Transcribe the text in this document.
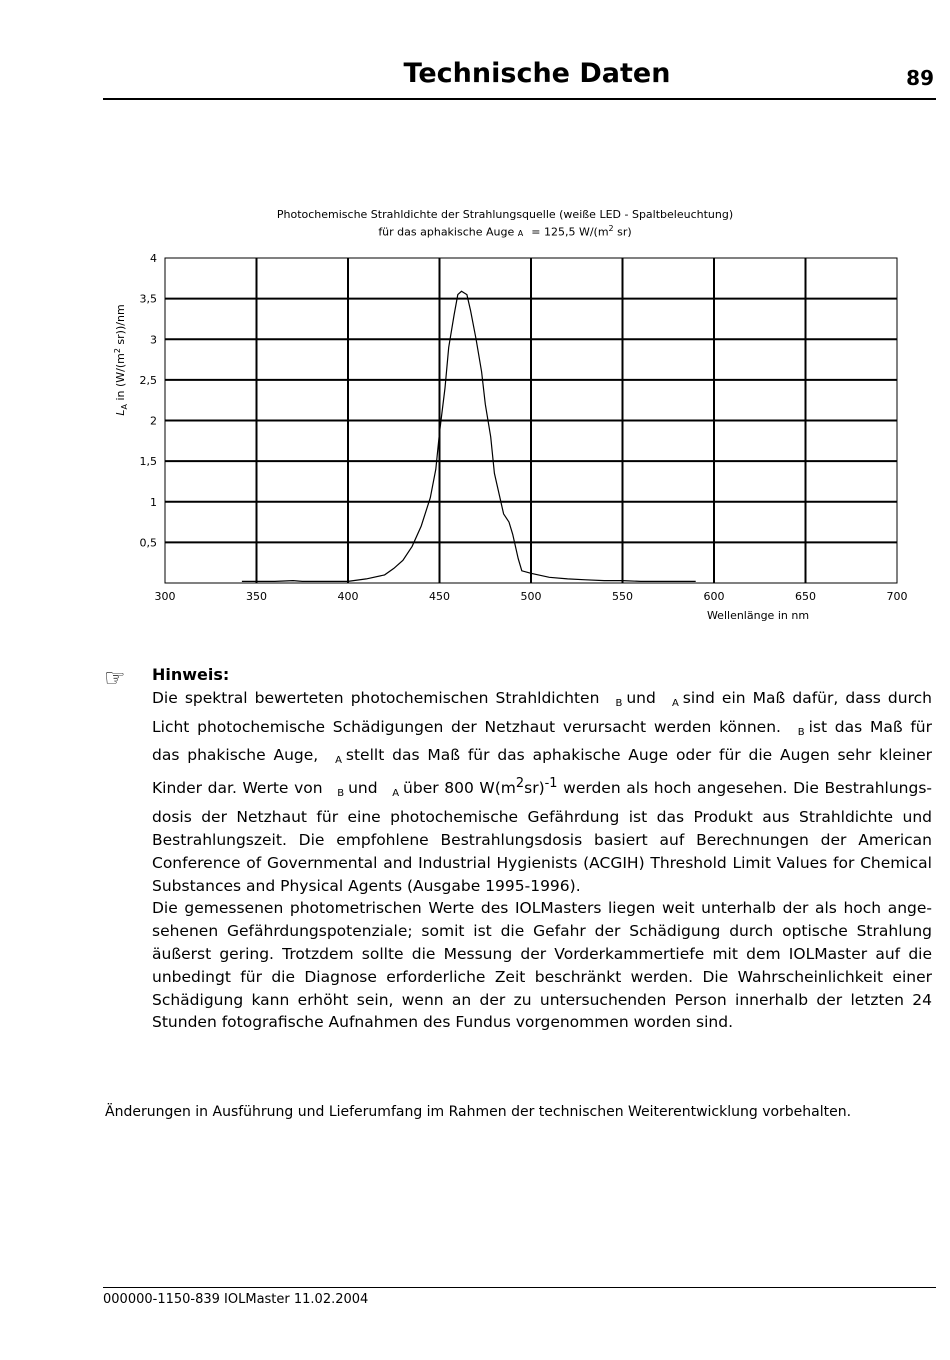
Technische Daten	89
Photochemische Strahldichte der Strahlungsquelle (weiße LED - Spaltbeleuchtung)
für das aphakische Auge A = 125,5 $W/(m^2$ sr)
300	350	400	450	500	550	600	650	700
4
3,5
3
2,5
2
1,5
1
0,5
Wellenlänge in nm
$L_A$ in ($W/(m^2$ sr))/nm
☞ Hinweis:

Die spektral bewerteten photochemischen Strahldichten B und A sind ein Maß dafür, dass durch Licht photochemische Schädigungen der Netzhaut verursacht werden können. B ist das Maß für das phakische Auge, A stellt das Maß für das aphakische Auge oder für die Augen sehr kleiner Kinder dar. Werte von B und A über 800 $W(m^2sr)^{-1}$ werden als hoch angesehen. Die Bestrahlungsdosis der Netzhaut für eine photochemische Gefährdung ist das Produkt aus Strahldichte und Bestrahlungszeit. Die empfohlene Bestrahlungsdosis basiert auf Berechnungen der American Conference of Governmental and Industrial Hygienists (ACGIH) Threshold Limit Values for Chemical Substances and Physical Agents (Ausgabe 1995-1996).

Die gemessenen photometrischen Werte des IOLMasters liegen weit unterhalb der als hoch angesehenen Gefährdungspotenziale; somit ist die Gefahr der Schädigung durch optische Strahlung äußerst gering. Trotzdem sollte die Messung der Vorderkammertiefe mit dem IOLMaster auf die unbedingt für die Diagnose erforderliche Zeit beschränkt werden. Die Wahrscheinlichkeit einer Schädigung kann erhöht sein, wenn an der zu untersuchenden Person innerhalb der letzten 24 Stunden fotografische Aufnahmen des Fundus vorgenommen worden sind.

Änderungen in Ausführung und Lieferumfang im Rahmen der technischen Weiterentwicklung vorbehalten.
000000-1150-839 IOLMaster 11.02.2004
